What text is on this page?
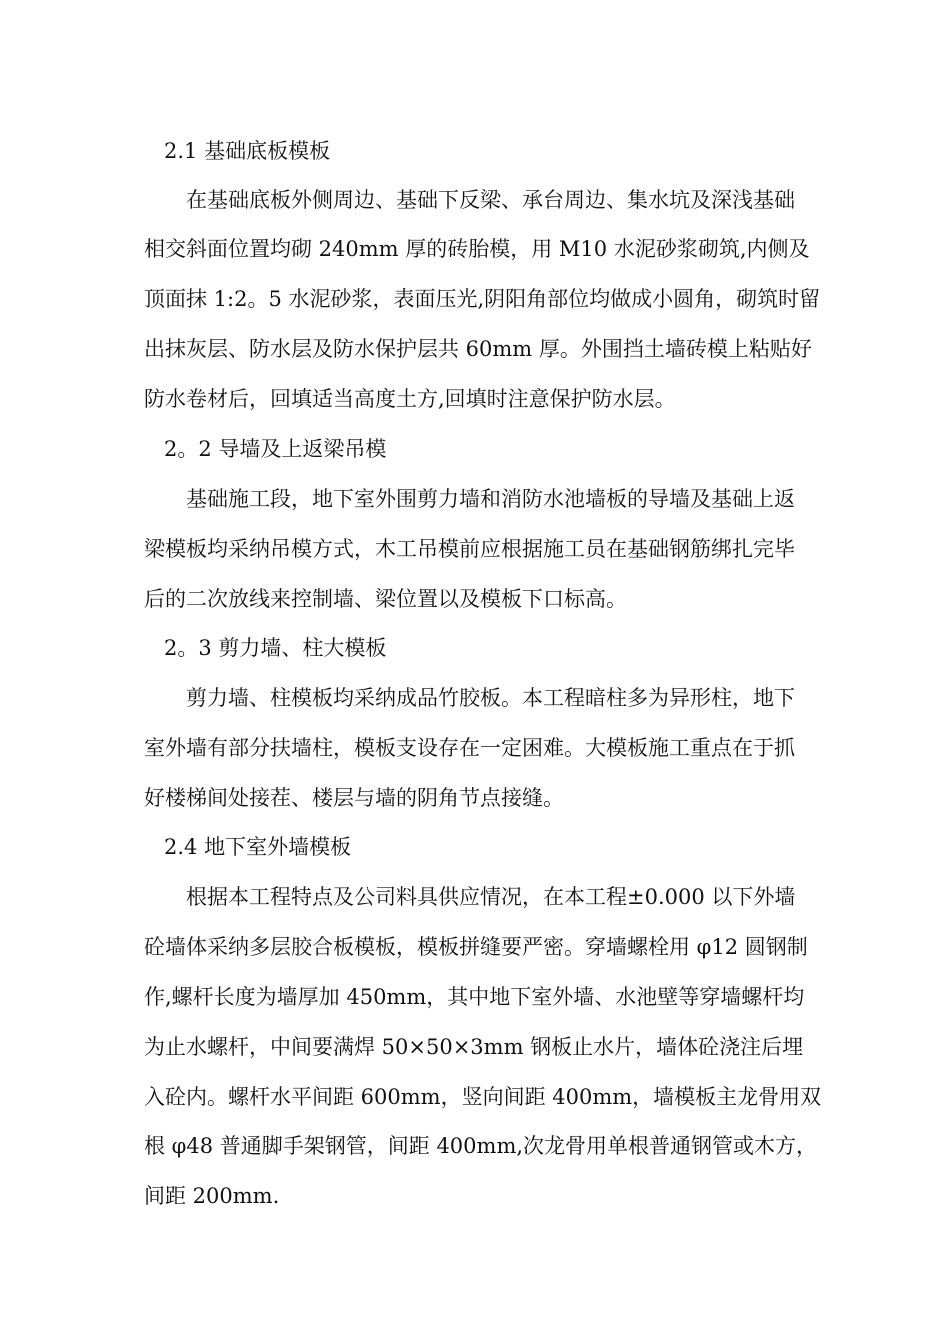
2.1 基础底板模板
在基础底板外侧周边、基础下反梁、承台周边、集水坑及深浅基础
相交斜面位置均砌 240mm 厚的砖胎模，用 M10 水泥砂浆砌筑,内侧及
顶面抹 1:2。5 水泥砂浆，表面压光,阴阳角部位均做成小圆角，砌筑时留
出抹灰层、防水层及防水保护层共 60mm 厚。外围挡土墙砖模上粘贴好
防水卷材后，回填适当高度土方,回填时注意保护防水层。
2。2 导墙及上返梁吊模
基础施工段，地下室外围剪力墙和消防水池墙板的导墙及基础上返
梁模板均采纳吊模方式，木工吊模前应根据施工员在基础钢筋绑扎完毕
后的二次放线来控制墙、梁位置以及模板下口标高。
2。3 剪力墙、柱大模板
剪力墙、柱模板均采纳成品竹胶板。本工程暗柱多为异形柱，地下
室外墙有部分扶墙柱，模板支设存在一定困难。大模板施工重点在于抓
好楼梯间处接茬、楼层与墙的阴角节点接缝。
2.4 地下室外墙模板
根据本工程特点及公司料具供应情况，在本工程±0.000 以下外墙
砼墙体采纳多层胶合板模板，模板拼缝要严密。穿墙螺栓用 φ12 圆钢制
作,螺杆长度为墙厚加 450mm，其中地下室外墙、水池壁等穿墙螺杆均
为止水螺杆，中间要满焊 50×50×3mm 钢板止水片，墙体砼浇注后埋
入砼内。螺杆水平间距 600mm，竖向间距 400mm，墙模板主龙骨用双
根 φ48 普通脚手架钢管，间距 400mm,次龙骨用单根普通钢管或木方，
间距 200mm.
